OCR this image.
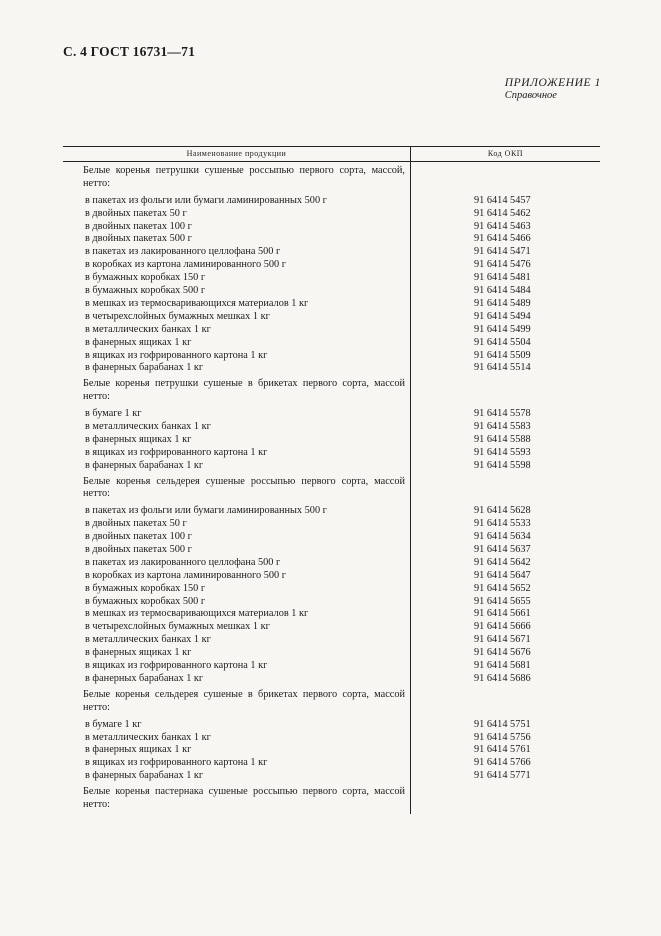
С. 4 ГОСТ 16731—71
ПРИЛОЖЕНИЕ 1
Справочное
Наименование продукции	Код ОКП
Белые коренья петрушки сушеные россыпью первого сорта, массой, нетто:
в пакетах из фольги или бумаги ламинированных 500 г	91 6414 5457
в двойных пакетах 50 г	91 6414 5462
в двойных пакетах 100 г	91 6414 5463
в двойных пакетах 500 г	91 6414 5466
в пакетах из лакированного целлофана 500 г	91 6414 5471
в коробках из картона ламинированного 500 г	91 6414 5476
в бумажных коробках 150 г	91 6414 5481
в бумажных коробках 500 г	91 6414 5484
в мешках из термосваривающихся материалов 1 кг	91 6414 5489
в четырехслойных бумажных мешках 1 кг	91 6414 5494
в металлических банках 1 кг	91 6414 5499
в фанерных ящиках 1 кг	91 6414 5504
в ящиках из гофрированного картона 1 кг	91 6414 5509
в фанерных барабанах 1 кг	91 6414 5514
Белые коренья петрушки сушеные в брикетах первого сорта, массой нетто:
в бумаге 1 кг	91 6414 5578
в металлических банках 1 кг	91 6414 5583
в фанерных ящиках 1 кг	91 6414 5588
в ящиках из гофрированного картона 1 кг	91 6414 5593
в фанерных барабанах 1 кг	91 6414 5598
Белые коренья сельдерея сушеные россыпью первого сорта, массой нетто:
в пакетах из фольги или бумаги ламинированных 500 г	91 6414 5628
в двойных пакетах 50 г	91 6414 5533
в двойных пакетах 100 г	91 6414 5634
в двойных пакетах 500 г	91 6414 5637
в пакетах из лакированного целлофана 500 г	91 6414 5642
в коробках из картона ламинированного 500 г	91 6414 5647
в бумажных коробках 150 г	91 6414 5652
в бумажных коробках 500 г	91 6414 5655
в мешках из термосваривающихся материалов 1 кг	91 6414 5661
в четырехслойных бумажных мешках 1 кг	91 6414 5666
в металлических банках 1 кг	91 6414 5671
в фанерных ящиках 1 кг	91 6414 5676
в ящиках из гофрированного картона 1 кг	91 6414 5681
в фанерных барабанах 1 кг	91 6414 5686
Белые коренья сельдерея сушеные в брикетах первого сорта, массой нетто:
в бумаге 1 кг	91 6414 5751
в металлических банках 1 кг	91 6414 5756
в фанерных ящиках 1 кг	91 6414 5761
в ящиках из гофрированного картона 1 кг	91 6414 5766
в фанерных барабанах 1 кг	91 6414 5771
Белые коренья пастернака сушеные россыпью первого сорта, массой нетто:
